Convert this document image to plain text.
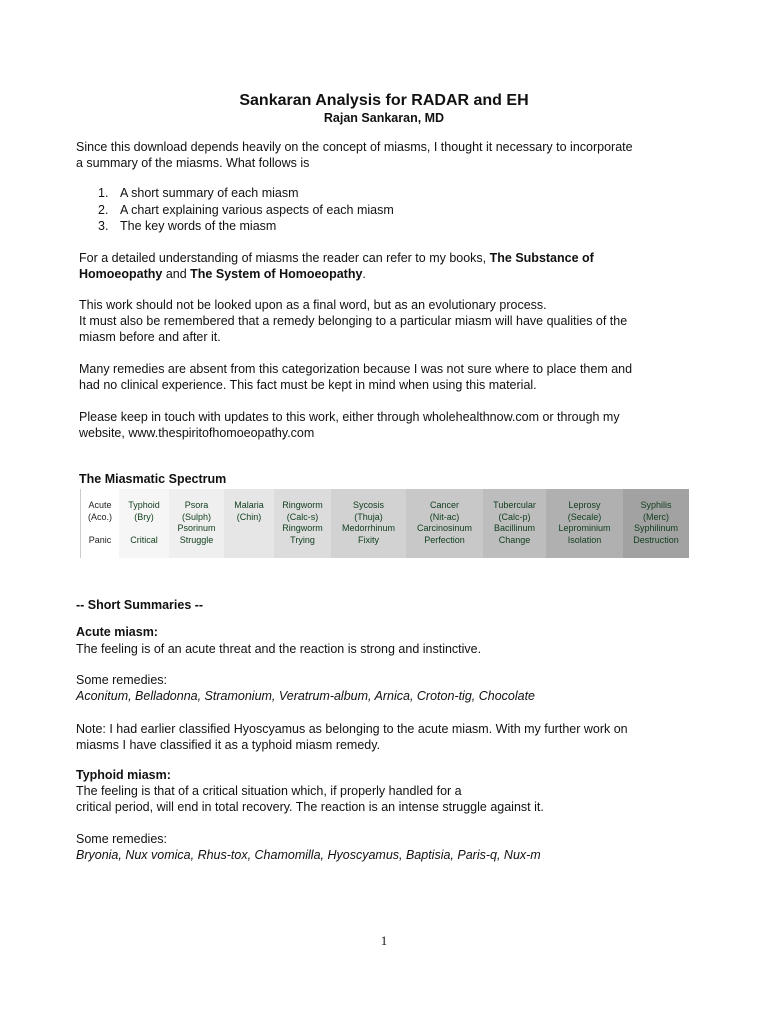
Sankaran Analysis for RADAR and EH
Rajan Sankaran, MD

Since this download depends heavily on the concept of miasms, I thought it necessary to incorporate
a summary of the miasms. What follows is

1. A short summary of each miasm
2. A chart explaining various aspects of each miasm
3. The key words of the miasm

For a detailed understanding of miasms the reader can refer to my books, The Substance of
Homoeopathy and The System of Homoeopathy.

This work should not be looked upon as a final word, but as an evolutionary process.
It must also be remembered that a remedy belonging to a particular miasm will have qualities of the
miasm before and after it.

Many remedies are absent from this categorization because I was not sure where to place them and
had no clinical experience. This fact must be kept in mind when using this material.

Please keep in touch with updates to this work, either through wholehealthnow.com or through my
website, www.thespiritofhomoeopathy.com

The Miasmatic Spectrum
Acute
(Aco.)
Panic
Typhoid
(Bry)
Critical
Psora
(Sulph)
Psorinum
Struggle
Malaria
(Chin)
Ringworm
(Calc-s)
Ringworm
Trying
Sycosis
(Thuja)
Medorrhinum
Fixity
Cancer
(Nit-ac)
Carcinosinum
Perfection
Tubercular
(Calc-p)
Bacillinum
Change
Leprosy
(Secale)
Leprominium
Isolation
Syphilis
(Merc)
Syphilinum
Destruction
-- Short Summaries --
Acute miasm:

The feeling is of an acute threat and the reaction is strong and instinctive.

Some remedies:

Aconitum, Belladonna, Stramonium, Veratrum-album, Arnica, Croton-tig, Chocolate

Note: I had earlier classified Hyoscyamus as belonging to the acute miasm. With my further work on
miasms I have classified it as a typhoid miasm remedy.

Typhoid miasm:

The feeling is that of a critical situation which, if properly handled for a
critical period, will end in total recovery. The reaction is an intense struggle against it.

Some remedies:

Bryonia, Nux vomica, Rhus-tox, Chamomilla, Hyoscyamus, Baptisia, Paris-q, Nux-m

1
